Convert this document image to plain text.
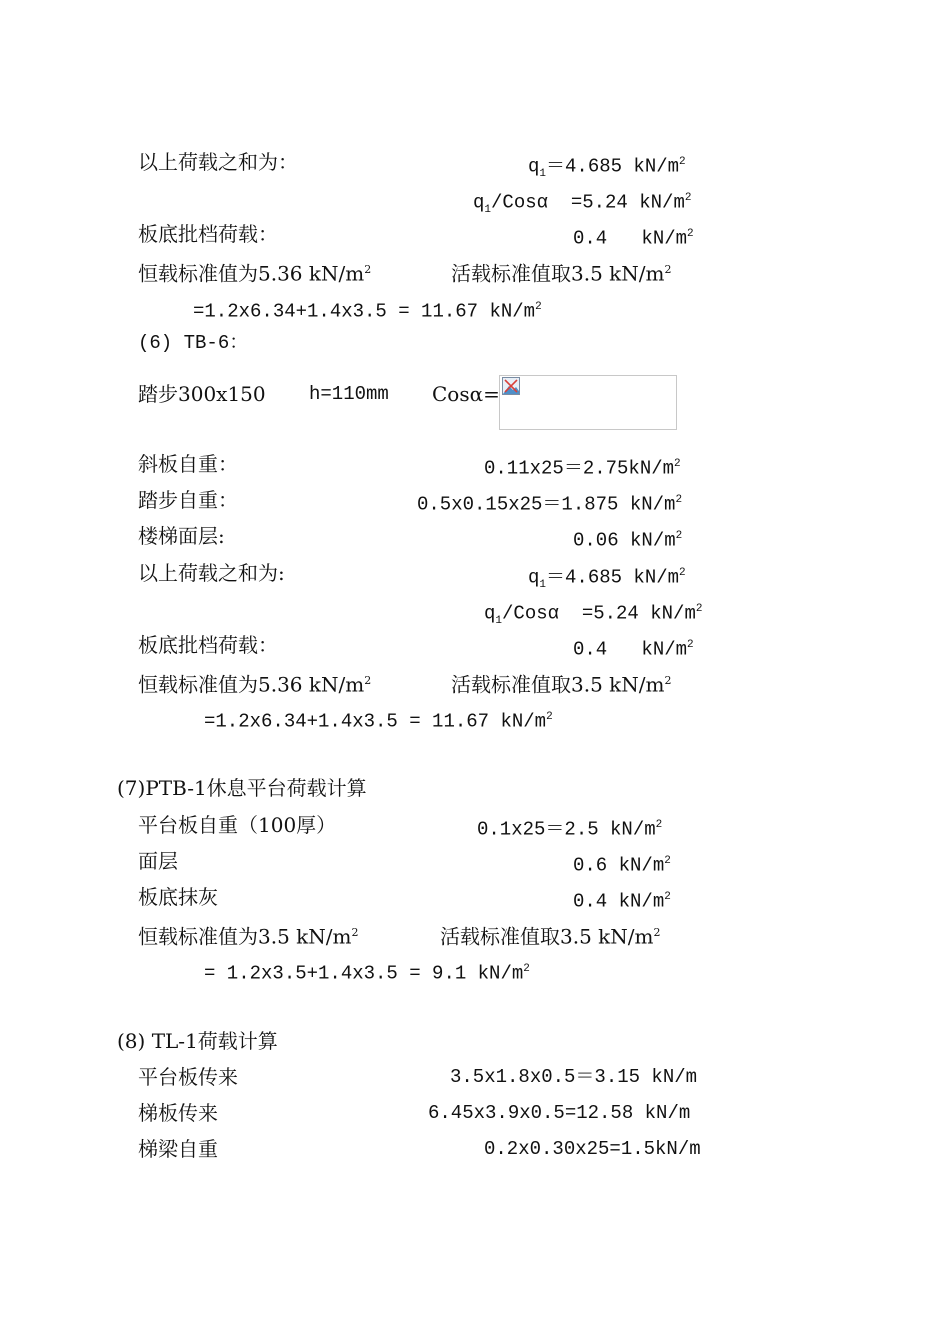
以上荷载之和为：	$q_1=4.685$ $kN/m^2$
$q_1$/Cosα  =5.24 $kN/m^2$
板底批档荷载：	0.4   $kN/m^2$
恒载标准值为5.36 $kN/m^2$	活载标准值取3.5 $kN/m^2$
=1.2x6.34+1.4x3.5 = 11.67 $kN/m^2$
(6) TB-6：
踏步300x150 h=110mm Cosα=
斜板自重：	$0.11x25=2.75kN/m^2$
踏步自重：	0.5x0.15x25＝1.875 $kN/m^2$
楼梯面层:	0.06 $kN/m^2$
以上荷载之和为:	$q_1=4.685$ $kN/m^2$
$q_1$/Cosα  =5.24 $kN/m^2$
板底批档荷载：	0.4   $kN/m^2$
恒载标准值为5.36 $kN/m^2$	活载标准值取3.5 $kN/m^2$
=1.2x6.34+1.4x3.5 = 11.67 $kN/m^2$
(7)PTB-1休息平台荷载计算
平台板自重（100厚）	0.1x25＝2.5 $kN/m^2$
面层	0.6 $kN/m^2$
板底抹灰	0.4 $kN/m^2$
恒载标准值为3.5 $kN/m^2$	活载标准值取3.5 $kN/m^2$
= 1.2x3.5+1.4x3.5 = 9.1 $kN/m^2$
(8) TL-1荷载计算
平台板传来	3.5x1.8x0.5＝3.15 kN/m
梯板传来	6.45x3.9x0.5=12.58 kN/m
梯梁自重	0.2x0.30x25=1.5kN/m
